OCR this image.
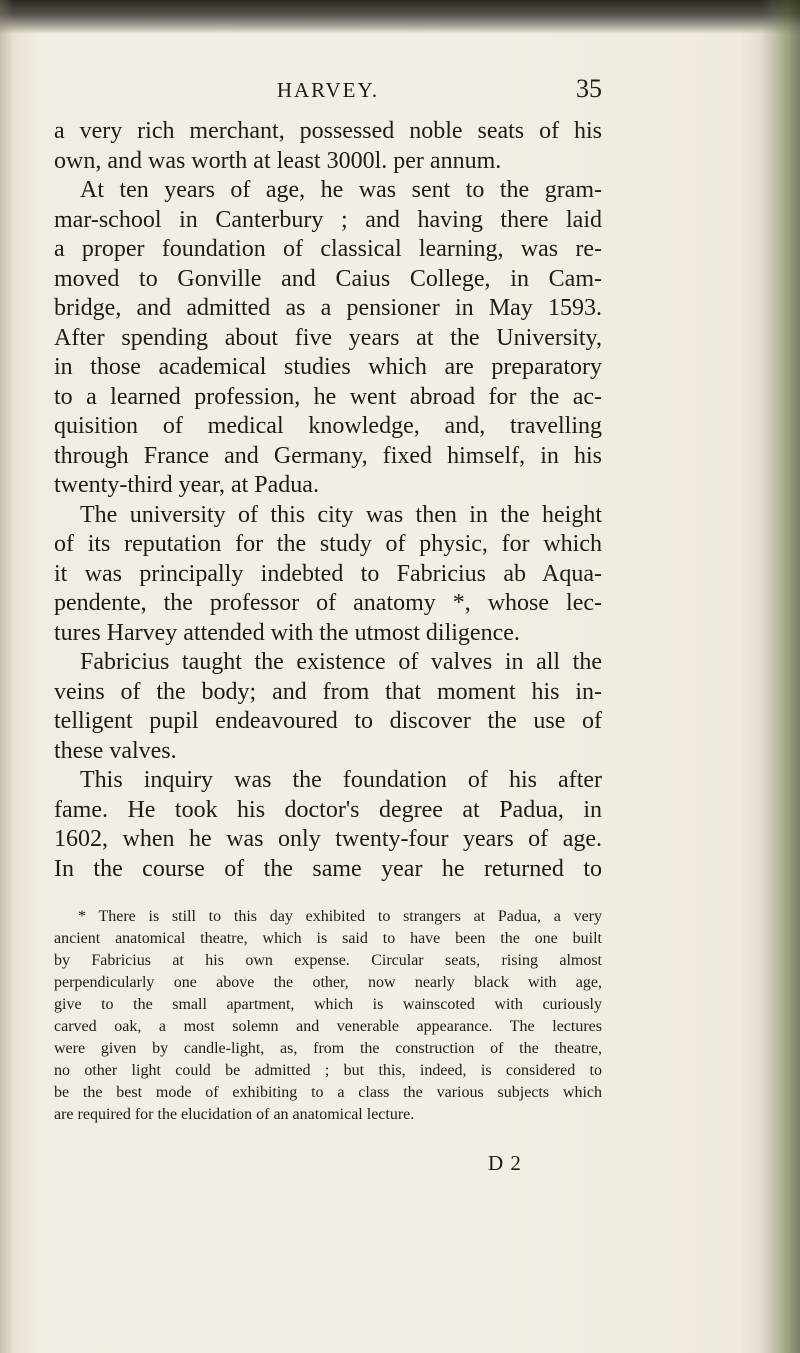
HARVEY.	35
a very rich merchant, possessed noble seats of his
own, and was worth at least 3000l. per annum.
At ten years of age, he was sent to the gram-
mar-school in Canterbury ; and having there laid
a proper foundation of classical learning, was re-
moved to Gonville and Caius College, in Cam-
bridge, and admitted as a pensioner in May 1593.
After spending about five years at the University,
in those academical studies which are preparatory
to a learned profession, he went abroad for the ac-
quisition of medical knowledge, and, travelling
through France and Germany, fixed himself, in his
twenty-third year, at Padua.
The university of this city was then in the height
of its reputation for the study of physic, for which
it was principally indebted to Fabricius ab Aqua-
pendente, the professor of anatomy *, whose lec-
tures Harvey attended with the utmost diligence.
Fabricius taught the existence of valves in all the
veins of the body; and from that moment his in-
telligent pupil endeavoured to discover the use of
these valves.
This inquiry was the foundation of his after
fame. He took his doctor's degree at Padua, in
1602, when he was only twenty-four years of age.
In the course of the same year he returned to
* There is still to this day exhibited to strangers at Padua, a very
ancient anatomical theatre, which is said to have been the one built
by Fabricius at his own expense. Circular seats, rising almost
perpendicularly one above the other, now nearly black with age,
give to the small apartment, which is wainscoted with curiously
carved oak, a most solemn and venerable appearance. The lectures
were given by candle-light, as, from the construction of the theatre,
no other light could be admitted ; but this, indeed, is considered to
be the best mode of exhibiting to a class the various subjects which
are required for the elucidation of an anatomical lecture.
D 2
